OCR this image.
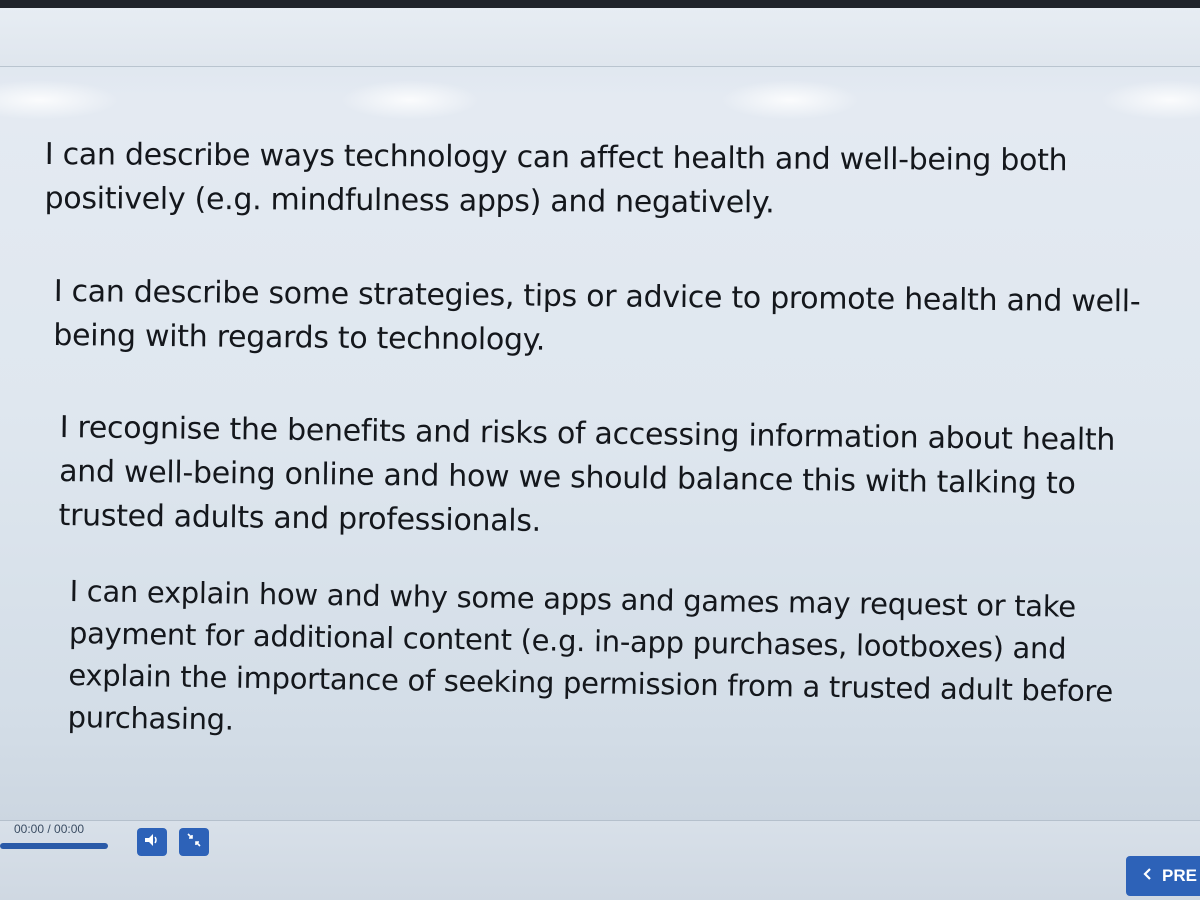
I can describe ways technology can affect health and well-being both positively (e.g. mindfulness apps) and negatively.

I can describe some strategies, tips or advice to promote health and well-being with regards to technology.

I recognise the benefits and risks of accessing information about health and well-being online and how we should balance this with talking to trusted adults and professionals.

I can explain how and why some apps and games may request or take payment for additional content (e.g. in-app purchases, lootboxes) and explain the importance of seeking permission from a trusted adult before purchasing.

00:00 / 00:00
PRE
